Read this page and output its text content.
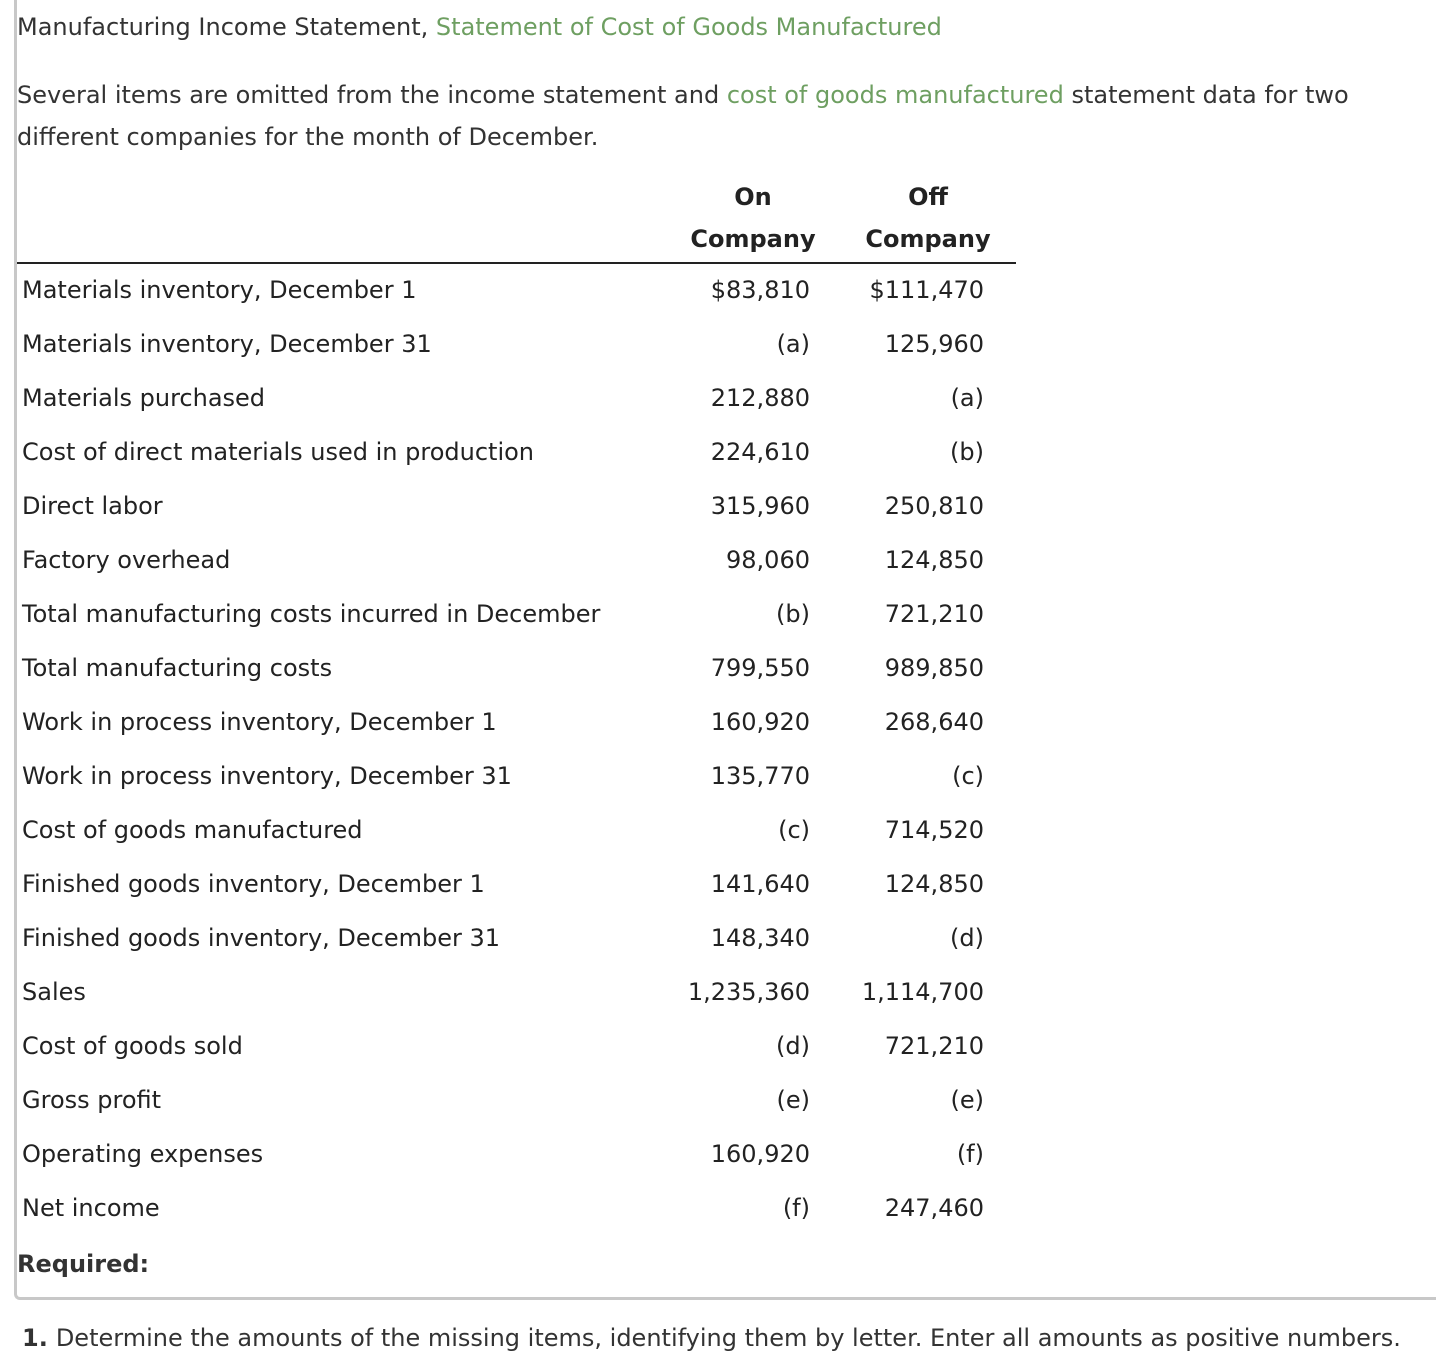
Manufacturing Income Statement, Statement of Cost of Goods Manufactured
Several items are omitted from the income statement and cost of goods manufactured statement data for two different companies for the month of December.
On
Company
Off
Company
Materials inventory, December 1	$83,810 $111,470
Materials inventory, December 31	(a)	125,960
Materials purchased	212,880	(a)
Cost of direct materials used in production	224,610	(b)
Direct labor	315,960	250,810
Factory overhead	98,060	124,850
Total manufacturing costs incurred in December	(b)	721,210
Total manufacturing costs	799,550	989,850
Work in process inventory, December 1	160,920	268,640
Work in process inventory, December 31	135,770	(c)
Cost of goods manufactured	(c)	714,520
Finished goods inventory, December 1	141,640	124,850
Finished goods inventory, December 31	148,340	(d)
Sales	1,235,360 1,114,700
Cost of goods sold	(d)	721,210
Gross profit	(e)	(e)
Operating expenses	160,920	(f)
Net income	(f)	247,460
Required:
1. Determine the amounts of the missing items, identifying them by letter. Enter all amounts as positive numbers.
